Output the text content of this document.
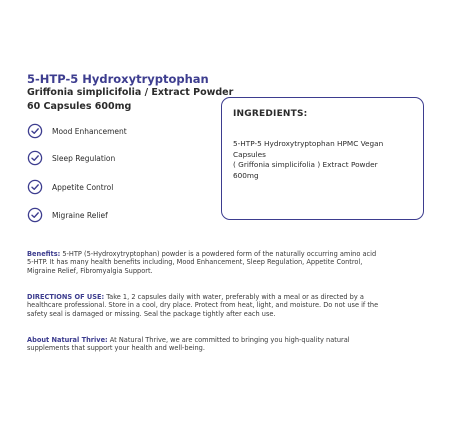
5-HTP-5 Hydroxytryptophan
Griffonia simplicifolia / Extract Powder
60 Capsules 600mg
Mood Enhancement
Sleep Regulation
Appetite Control
Migraine Relief
INGREDIENTS:
5-HTP-5 Hydroxytryptophan HPMC Vegan
Capsules
( Griffonia simplicifolia ) Extract Powder
600mg
Benefits: 5-HTP (5-Hydroxytryptophan) powder is a powdered form of the naturally occurring amino acid
5-HTP. It has many health benefits including, Mood Enhancement, Sleep Regulation, Appetite Control,
Migraine Relief, Fibromyalgia Support.
DIRECTIONS OF USE: Take 1, 2 capsules daily with water, preferably with a meal or as directed by a
healthcare professional. Store in a cool, dry place. Protect from heat, light, and moisture. Do not use if the
safety seal is damaged or missing. Seal the package tightly after each use.
About Natural Thrive: At Natural Thrive, we are committed to bringing you high-quality natural
supplements that support your health and well-being.
